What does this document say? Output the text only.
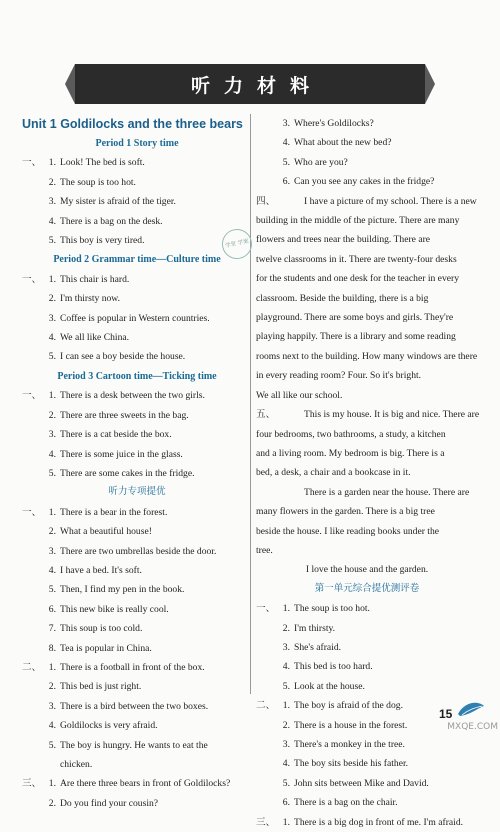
听力材料
Unit 1 Goldilocks and the three bears
Period 1 Story time
一、 1. Look! The bed is soft.
2. The soup is too hot.
3. My sister is afraid of the tiger.
4. There is a bag on the desk.
5. This boy is very tired.
Period 2 Grammar time—Culture time
一、 1. This chair is hard.
2. I'm thirsty now.
3. Coffee is popular in Western countries.
4. We all like China.
5. I can see a boy beside the house.
Period 3 Cartoon time—Ticking time
一、 1. There is a desk between the two girls.
2. There are three sweets in the bag.
3. There is a cat beside the box.
4. There is some juice in the glass.
5. There are some cakes in the fridge.
听力专项提优
一、 1. There is a bear in the forest.
2. What a beautiful house!
3. There are two umbrellas beside the door.
4. I have a bed. It's soft.
5. Then, I find my pen in the book.
6. This new bike is really cool.
7. This soup is too cold.
8. Tea is popular in China.
二、 1. There is a football in front of the box.
2. This bed is just right.
3. There is a bird between the two boxes.
4. Goldilocks is very afraid.
5. The boy is hungry. He wants to eat the
chicken.
三、 1. Are there three bears in front of Goldilocks?
2. Do you find your cousin?
学堂 学案
3. Where's Goldilocks?
4. What about the new bed?
5. Who are you?
6. Can you see any cakes in the fridge?
四、	I have a picture of my school. There is a new
building in the middle of the picture. There are many
flowers and trees near the building. There are
twelve classrooms in it. There are twenty-four desks
for the students and one desk for the teacher in every
classroom. Beside the building, there is a big
playground. There are some boys and girls. They're
playing happily. There is a library and some reading
rooms next to the building. How many windows are there
in every reading room? Four. So it's bright.
We all like our school.
五、	This is my house. It is big and nice. There are
four bedrooms, two bathrooms, a study, a kitchen
and a living room. My bedroom is big. There is a
bed, a desk, a chair and a bookcase in it.
There is a garden near the house. There are
many flowers in the garden. There is a big tree
beside the house. I like reading books under the
tree.
I love the house and the garden.
第一单元综合提优测评卷
一、 1. The soup is too hot.
2. I'm thirsty.
3. She's afraid.
4. This bed is too hard.
5. Look at the house.
二、 1. The boy is afraid of the dog.
2. There is a house in the forest.
3. There's a monkey in the tree.
4. The boy sits beside his father.
5. John sits between Mike and David.
6. There is a bag on the chair.
三、 1. There is a big dog in front of me. I'm afraid.
15
MXQE.COM
